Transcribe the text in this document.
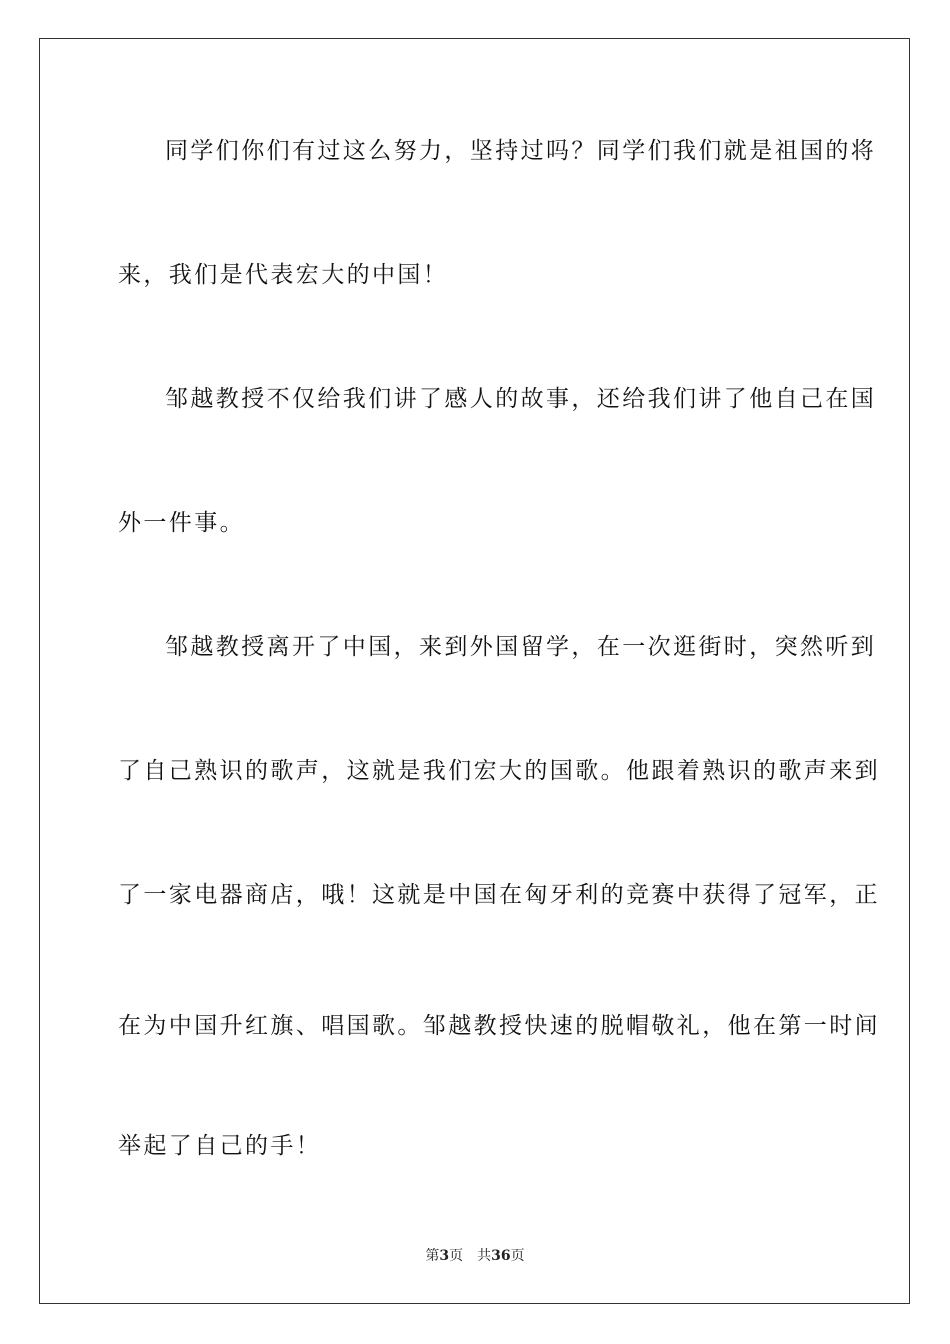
同学们你们有过这么努力，坚持过吗？同学们我们就是祖国的将
来，我们是代表宏大的中国！
邹越教授不仅给我们讲了感人的故事，还给我们讲了他自己在国
外一件事。
邹越教授离开了中国，来到外国留学，在一次逛街时，突然听到
了自己熟识的歌声，这就是我们宏大的国歌。他跟着熟识的歌声来到
了一家电器商店，哦！这就是中国在匈牙利的竞赛中获得了冠军，正
在为中国升红旗、唱国歌。邹越教授快速的脱帽敬礼，他在第一时间
举起了自己的手！
第3页 共36页
